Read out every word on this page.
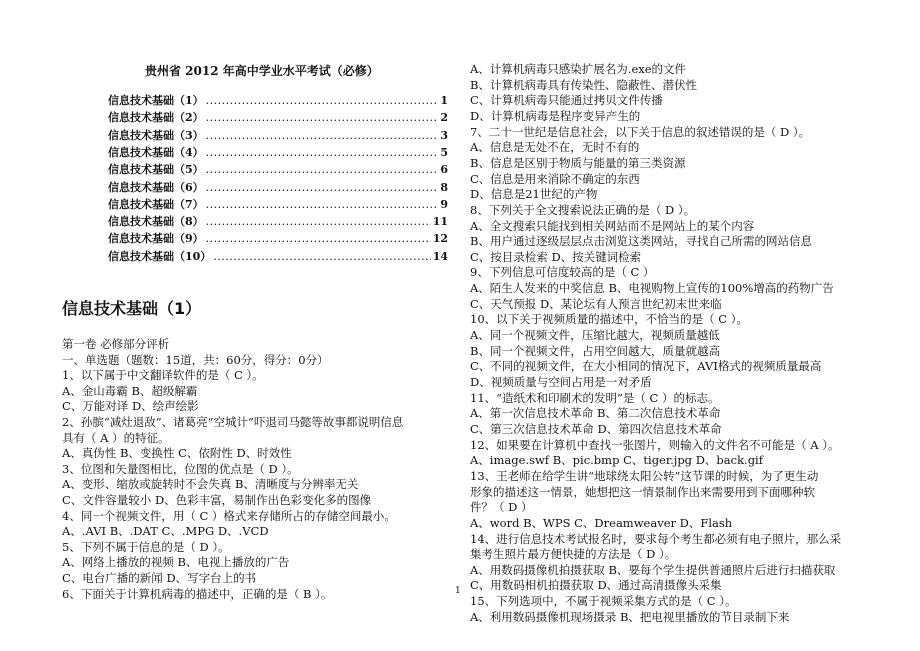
贵州省 2012 年高中学业水平考试（必修）
信息技术基础（1） .....	1
信息技术基础（2） .....	2
信息技术基础（3） .....	3
信息技术基础（4） .....	5
信息技术基础（5） .....	6
信息技术基础（6） .....	8
信息技术基础（7） .....	9
信息技术基础（8） .....	11
信息技术基础（9） .....	12
信息技术基础（10） .....	14
信息技术基础（1）
第一卷 必修部分评析
一、单选题（题数：15道，共：60分，得分：0分）
1、以下属于中文翻译软件的是（ C ）。
A、金山毒霸 B、超级解霸
C、万能对译 D、绘声绘影
2、孙膑“减灶退敌”、诸葛亮“空城计”吓退司马懿等故事都说明信息
具有（ A ）的特征。
A、真伪性 B、变换性 C、依附性 D、时效性
3、位图和矢量图相比，位图的优点是（ D ）。
A、变形、缩放或旋转时不会失真 B、清晰度与分辨率无关
C、文件容量较小 D、色彩丰富，易制作出色彩变化多的图像
4、同一个视频文件，用（ C ）格式来存储所占的存储空间最小。
A、.AVI B、.DAT C、.MPG D、.VCD
5、下列不属于信息的是（ D ）。
A、网络上播放的视频 B、电视上播放的广告
C、电台广播的新闻 D、写字台上的书
6、下面关于计算机病毒的描述中，正确的是（ B ）。
A、计算机病毒只感染扩展名为.exe的文件
B、计算机病毒具有传染性、隐蔽性、潜伏性
C、计算机病毒只能通过拷贝文件传播
D、计算机病毒是程序变异产生的
7、二十一世纪是信息社会，以下关于信息的叙述错误的是（ D ）。
A、信息是无处不在，无时不有的
B、信息是区别于物质与能量的第三类资源
C、信息是用来消除不确定的东西
D、信息是21世纪的产物
8、下列关于全文搜索说法正确的是（ D ）。
A、全文搜索只能找到相关网站而不是网站上的某个内容
B、用户通过逐级层层点击浏览这类网站，寻找自己所需的网站信息
C、按目录检索 D、按关键词检索
9、下列信息可信度较高的是（ C ）
A、陌生人发来的中奖信息 B、电视购物上宣传的100%增高的药物广告
C、天气预报 D、某论坛有人预言世纪初末世来临
10、以下关于视频质量的描述中，不恰当的是（ C ）。
A、同一个视频文件，压缩比越大，视频质量越低
B、同一个视频文件，占用空间越大，质量就越高
C、不同的视频文件，在大小相同的情况下，AVI格式的视频质量最高
D、视频质量与空间占用是一对矛盾
11、“造纸术和印刷术的发明”是（ C ）的标志。
A、第一次信息技术革命 B、第二次信息技术革命
C、第三次信息技术革命 D、第四次信息技术革命
12、如果要在计算机中查找一张图片，则输入的文件名不可能是（ A ）。
A、image.swf B、pic.bmp C、tiger.jpg D、back.gif
13、王老师在给学生讲“地球绕太阳公转”这节课的时候，为了更生动
形象的描述这一情景，她想把这一情景制作出来需要用到下面哪种软
件？（ D ）
A、word B、WPS C、Dreamweaver D、Flash
14、进行信息技术考试报名时，要求每个考生都必须有电子照片，那么采
集考生照片最方便快捷的方法是（ D ）。
A、用数码摄像机拍摄获取 B、要每个学生提供普通照片后进行扫描获取
C、用数码相机拍摄获取 D、通过高清摄像头采集
15、下列选项中，不属于视频采集方式的是（ C ）。
A、利用数码摄像机现场摄录 B、把电视里播放的节目录制下来
1
